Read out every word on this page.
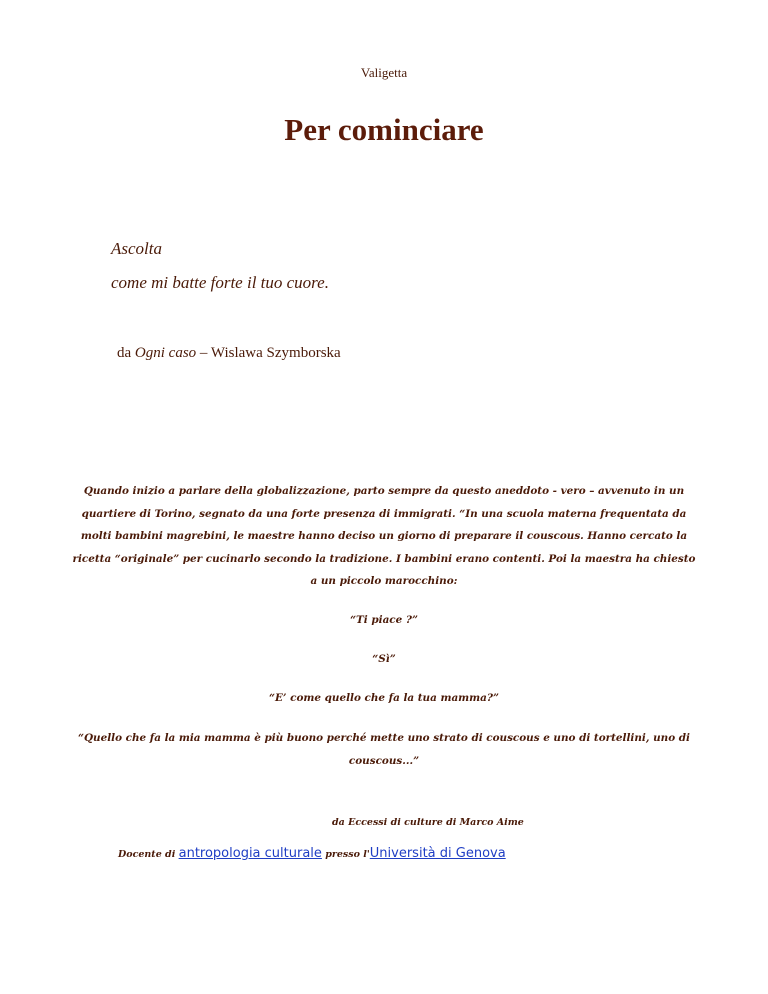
Valigetta
Per cominciare
Ascolta
come mi batte forte il tuo cuore.
da Ogni caso – Wislawa Szymborska
Quando inizio a parlare della globalizzazione, parto sempre da questo aneddoto - vero – avvenuto in un quartiere di Torino, segnato da una forte presenza di immigrati. “In una scuola materna frequentata da molti bambini magrebini, le maestre hanno deciso un giorno di preparare il couscous. Hanno cercato la ricetta “originale” per cucinarlo secondo la tradizione. I bambini erano contenti. Poi la maestra ha chiesto a un piccolo marocchino:
“Ti piace ?”
“Sì”
“E’ come quello che fa la tua mamma?”
“Quello che fa la mia mamma è più buono perché mette uno strato di couscous e uno di tortellini, uno di couscous...”
da Eccessi di culture di Marco Aime
Docente di antropologia culturale presso l'Università di Genova
